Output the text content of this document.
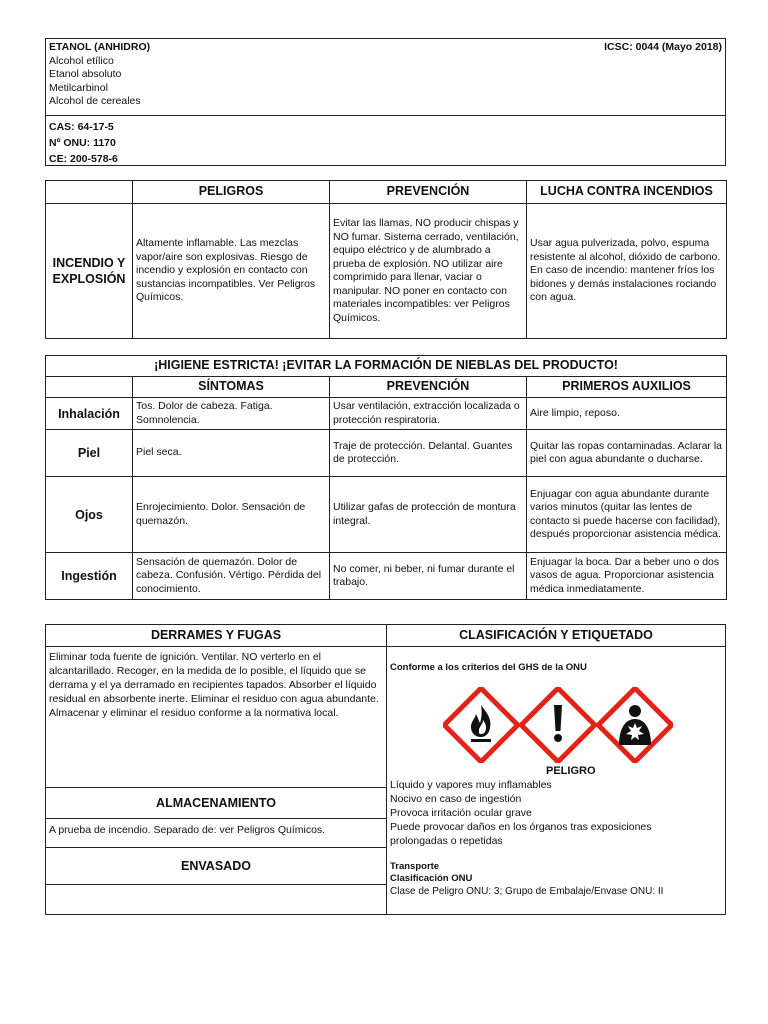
ETANOL (ANHIDRO)	ICSC: 0044 (Mayo 2018)
Alcohol etílico
Etanol absoluto
Metilcarbinol
Alcohol de cereales
CAS: 64-17-5
Nº ONU: 1170
CE: 200-578-6
	PELIGROS	PREVENCIÓN	LUCHA CONTRA INCENDIOS
INCENDIO Y EXPLOSIÓN	Altamente inflamable. Las mezclas vapor/aire son explosivas. Riesgo de incendio y explosión en contacto con sustancias incompatibles. Ver Peligros Químicos.	Evitar las llamas, NO producir chispas y NO fumar. Sistema cerrado, ventilación, equipo eléctrico y de alumbrado a prueba de explosión. NO utilizar aire comprimido para llenar, vaciar o manipular. NO poner en contacto con materiales incompatibles: ver Peligros Químicos.	Usar agua pulverizada, polvo, espuma resistente al alcohol, dióxido de carbono. En caso de incendio: mantener fríos los bidones y demás instalaciones rociando con agua.
¡HIGIENE ESTRICTA! ¡EVITAR LA FORMACIÓN DE NIEBLAS DEL PRODUCTO!			
	SÍNTOMAS	PREVENCIÓN	PRIMEROS AUXILIOS
Inhalación	Tos. Dolor de cabeza. Fatiga. Somnolencia.	Usar ventilación, extracción localizada o protección respiratoria.	Aire limpio, reposo.
Piel	Piel seca.	Traje de protección. Delantal. Guantes de protección.	Quitar las ropas contaminadas. Aclarar la piel con agua abundante o ducharse.
Ojos	Enrojecimiento. Dolor. Sensación de quemazón.	Utilizar gafas de protección de montura integral.	Enjuagar con agua abundante durante varios minutos (quitar las lentes de contacto si puede hacerse con facilidad), después proporcionar asistencia médica.
Ingestión	Sensación de quemazón. Dolor de cabeza. Confusión. Vértigo. Pérdida del conocimiento.	No comer, ni beber, ni fumar durante el trabajo.	Enjuagar la boca. Dar a beber uno o dos vasos de agua. Proporcionar asistencia médica inmediatamente.
DERRAMES Y FUGAS
Eliminar toda fuente de ignición. Ventilar. NO verterlo en el alcantarillado. Recoger, en la medida de lo posible, el líquido que se derrama y el ya derramado en recipientes tapados. Absorber el líquido residual en absorbente inerte. Eliminar el residuo con agua abundante. Almacenar y eliminar el residuo conforme a la normativa local.
ALMACENAMIENTO
A prueba de incendio. Separado de: ver Peligros Químicos.
ENVASADO
CLASIFICACIÓN Y ETIQUETADO
Conforme a los criterios del GHS de la ONU
PELIGRO
Líquido y vapores muy inflamables
Nocivo en caso de ingestión
Provoca irritación ocular grave
Puede provocar daños en los órganos tras exposiciones prolongadas o repetidas
Transporte
Clasificación ONU
Clase de Peligro ONU: 3; Grupo de Embalaje/Envase ONU: II
